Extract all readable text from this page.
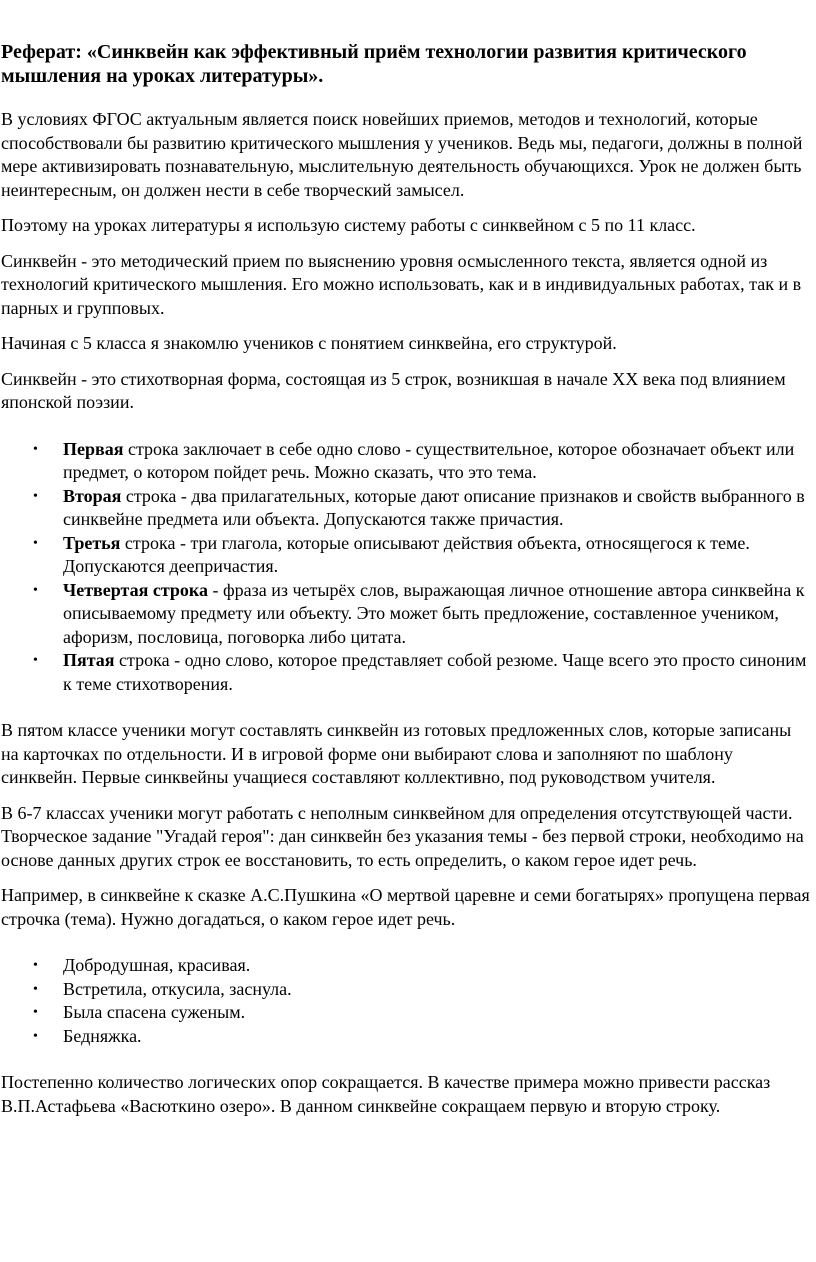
Реферат: «Синквейн как эффективный приём технологии развития критического мышления на уроках литературы».

В условиях ФГОС актуальным является поиск новейших приемов, методов и технологий, которые способствовали бы развитию критического мышления у учеников. Ведь мы, педагоги, должны в полной мере активизировать познавательную, мыслительную деятельность обучающихся. Урок не должен быть неинтересным, он должен нести в себе творческий замысел.

Поэтому на уроках литературы я использую систему работы с синквейном с 5 по 11 класс.

Синквейн - это методический прием по выяснению уровня осмысленного текста, является одной из технологий критического мышления. Его можно использовать, как и в индивидуальных работах, так и в парных и групповых.

Начиная с 5 класса я знакомлю учеников с понятием синквейна, его структурой.

Синквейн - это стихотворная форма, состоящая из 5 строк, возникшая в начале XX века под влиянием японской поэзии.

• Первая строка заключает в себе одно слово - существительное, которое обозначает объект или предмет, о котором пойдет речь. Можно сказать, что это тема.
• Вторая строка - два прилагательных, которые дают описание признаков и свойств выбранного в синквейне предмета или объекта. Допускаются также причастия.
• Третья строка - три глагола, которые описывают действия объекта, относящегося к теме. Допускаются деепричастия.
• Четвертая строка - фраза из четырёх слов, выражающая личное отношение автора синквейна к описываемому предмету или объекту. Это может быть предложение, составленное учеником, афоризм, пословица, поговорка либо цитата.
• Пятая строка - одно слово, которое представляет собой резюме. Чаще всего это просто синоним к теме стихотворения.

В пятом классе ученики могут составлять синквейн из готовых предложенных слов, которые записаны на карточках по отдельности. И в игровой форме они выбирают слова и заполняют по шаблону синквейн. Первые синквейны учащиеся составляют коллективно, под руководством учителя.

В 6-7 классах ученики могут работать с неполным синквейном для определения отсутствующей части. Творческое задание "Угадай героя": дан синквейн без указания темы - без первой строки, необходимо на основе данных других строк ее восстановить, то есть определить, о каком герое идет речь.

Например, в синквейне к сказке А.С.Пушкина «О мертвой царевне и семи богатырях» пропущена первая строчка (тема). Нужно догадаться, о каком герое идет речь.

• Добродушная, красивая.
• Встретила, откусила, заснула.
• Была спасена суженым.
• Бедняжка.

Постепенно количество логических опор сокращается. В качестве примера можно привести рассказ В.П.Астафьева «Васюткино озеро». В данном синквейне сокращаем первую и вторую строку.
